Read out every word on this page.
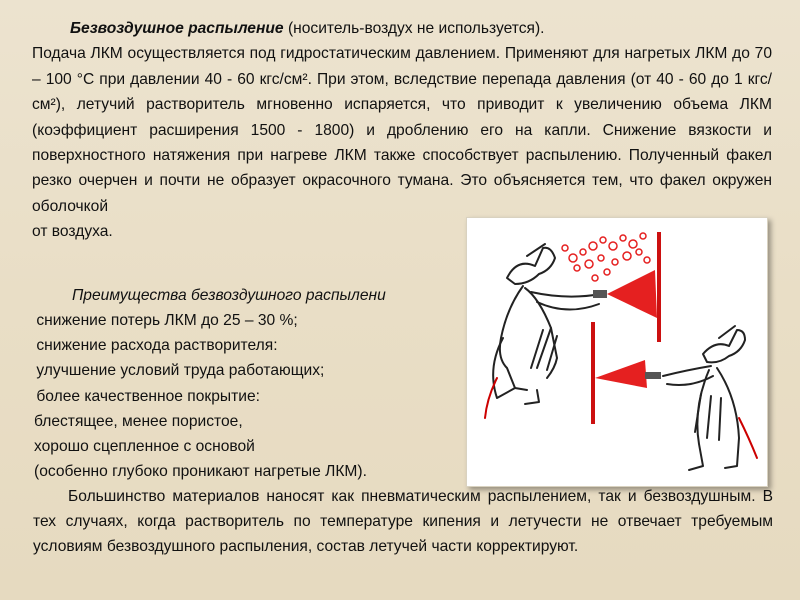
Безвоздушное распыление (носитель-воздух не используется).
Подача ЛКМ осуществляется под гидростатическим давлением. Применяют для нагретых ЛКМ до 70 – 100 °С при давлении 40 - 60 кгс/см². При этом, вследствие перепада давления (от 40 - 60 до 1 кгс/см²), летучий растворитель мгновенно испаряется, что приводит к увеличению объема ЛКМ (коэффициент расширения 1500 - 1800) и дроблению его на капли. Снижение вязкости и поверхностного натяжения при нагреве ЛКМ также способствует распылению. Полученный факел резко очерчен и почти не образует окрасочного тумана. Это объясняется тем, что факел окружен оболочкой
от воздуха.
Преимущества безвоздушного распылени
снижение потерь ЛКМ до 25 – 30 %;
снижение расхода растворителя:
улучшение условий труда работающих;
более качественное покрытие:
блестящее, менее пористое,
хорошо сцепленное с основой
(особенно глубоко проникают нагретые ЛКМ).
Большинство материалов наносят как пневматическим распылением, так и безвоздушным. В тех случаях, когда растворитель по температуре кипения и летучести не отвечает требуемым условиям безвоздушного распыления, состав летучей части корректируют.
